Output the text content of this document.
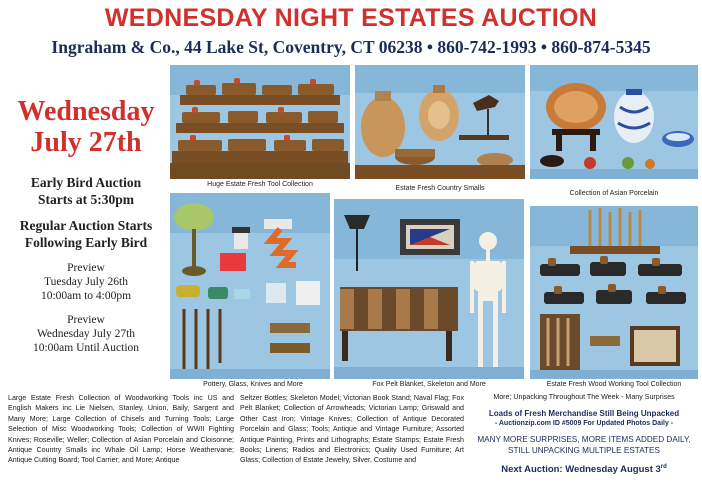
WEDNESDAY NIGHT ESTATES AUCTION
Ingraham & Co., 44 Lake St, Coventry, CT 06238 • 860-742-1993 • 860-874-5345
Wednesday
July 27th
Early Bird Auction
Starts at 5:30pm
Regular Auction Starts
Following Early Bird
Preview
Tuesday July 26th
10:00am to 4:00pm
Preview
Wednesday July 27th
10:00am Until Auction
Huge Estate Fresh Tool Collection
Estate Fresh Country Smalls
Collection of Asian Porcelain
Pottery, Glass, Knives and More	Fox Pelt Blanket, Skeleton and More	Estate Fresh Wood Working Tool Collection
Large Estate Fresh Collection of Woodworking Tools inc US and English Makers inc Lie Nielsen, Stanley, Union, Baily, Sargent and Many More; Large Collection of Chisels and Turning Tools; Large Selection of Misc Woodworking Tools; Collection of WWII Fighting Knives; Roseville; Weller; Collection of Asian Porcelain and Cloisonne; Antique Country Smalls inc Whale Oil Lamp; Horse Weathervane; Antique Cutting Board; Tool Carrier; and More; Antique
Seltzer Bottles; Skeleton Model; Victorian Book Stand; Naval Flag; Fox Pelt Blanket; Collection of Arrowheads; Victorian Lamp; Griswald and Other Cast Iron; Vintage Knives; Collection of Antique Decorated Porcelain and Glass; Tools; Antique and Vintage Furniture; Assorted Antique Painting, Prints and Lithographs; Estate Stamps; Estate Fresh Books; Linens; Radios and Electronics; Quality Used Furniture; Art Glass; Collection of Estate Jewelry, Silver, Costume and
More; Unpacking Throughout The Week - Many Surprises
Loads of Fresh Merchandise Still Being Unpacked
- Auctionzip.com ID #5009 For Updated Photos Daily -
MANY MORE SURPRISES, MORE ITEMS ADDED DAILY,
STILL UNPACKING MULTIPLE ESTATES
Next Auction: Wednesday August 3rd
